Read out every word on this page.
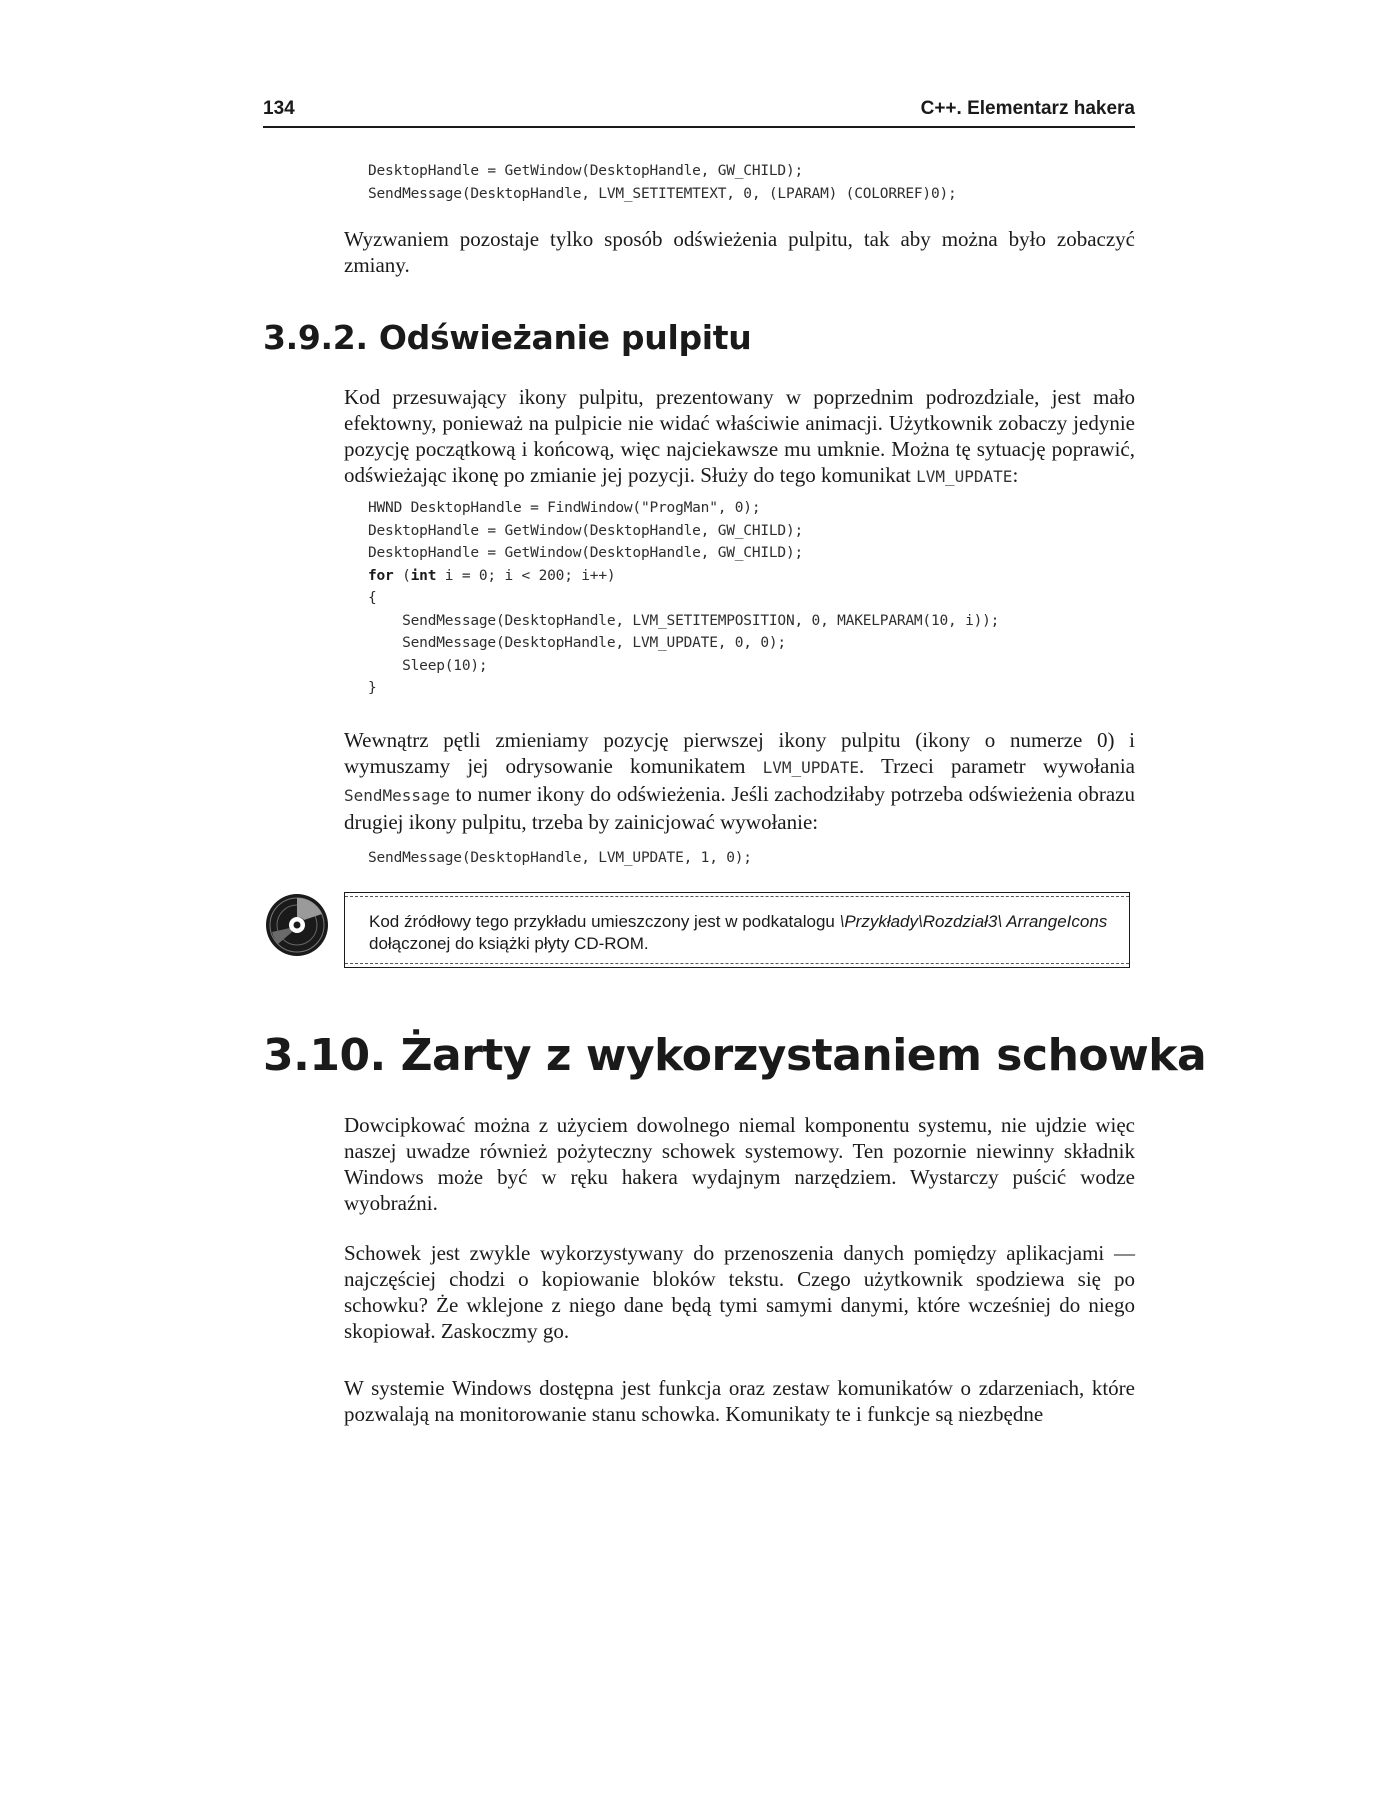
134	C++. Elementarz hakera
DesktopHandle = GetWindow(DesktopHandle, GW_CHILD);
SendMessage(DesktopHandle, LVM_SETITEMTEXT, 0, (LPARAM) (COLORREF)0);

Wyzwaniem pozostaje tylko sposób odświeżenia pulpitu, tak aby można było zobaczyć zmiany.

3.9.2. Odświeżanie pulpitu

Kod przesuwający ikony pulpitu, prezentowany w poprzednim podrozdziale, jest mało efektowny, ponieważ na pulpicie nie widać właściwie animacji. Użytkownik zobaczy jedynie pozycję początkową i końcową, więc najciekawsze mu umknie. Można tę sytuację poprawić, odświeżając ikonę po zmianie jej pozycji. Służy do tego komunikat LVM_UPDATE:

HWND DesktopHandle = FindWindow("ProgMan", 0);
DesktopHandle = GetWindow(DesktopHandle, GW_CHILD);
DesktopHandle = GetWindow(DesktopHandle, GW_CHILD);
for (int i = 0; i < 200; i++)
{
SendMessage(DesktopHandle, LVM_SETITEMPOSITION, 0, MAKELPARAM(10, i));
SendMessage(DesktopHandle, LVM_UPDATE, 0, 0);
Sleep(10);
}

Wewnątrz pętli zmieniamy pozycję pierwszej ikony pulpitu (ikony o numerze 0) i wymuszamy jej odrysowanie komunikatem LVM_UPDATE. Trzeci parametr wywołania SendMessage to numer ikony do odświeżenia. Jeśli zachodziłaby potrzeba odświeżenia obrazu drugiej ikony pulpitu, trzeba by zainicjować wywołanie:

SendMessage(DesktopHandle, LVM_UPDATE, 1, 0);

Kod źródłowy tego przykładu umieszczony jest w podkatalogu \Przykłady\Rozdział3\ ArrangeIcons dołączonej do książki płyty CD-ROM.

3.10. Żarty z wykorzystaniem schowka

Dowcipkować można z użyciem dowolnego niemal komponentu systemu, nie ujdzie więc naszej uwadze również pożyteczny schowek systemowy. Ten pozornie niewinny składnik Windows może być w ręku hakera wydajnym narzędziem. Wystarczy puścić wodze wyobraźni.

Schowek jest zwykle wykorzystywany do przenoszenia danych pomiędzy aplikacjami — najczęściej chodzi o kopiowanie bloków tekstu. Czego użytkownik spodziewa się po schowku? Że wklejone z niego dane będą tymi samymi danymi, które wcześniej do niego skopiował. Zaskoczmy go.

W systemie Windows dostępna jest funkcja oraz zestaw komunikatów o zdarzeniach, które pozwalają na monitorowanie stanu schowka. Komunikaty te i funkcje są niezbędne
